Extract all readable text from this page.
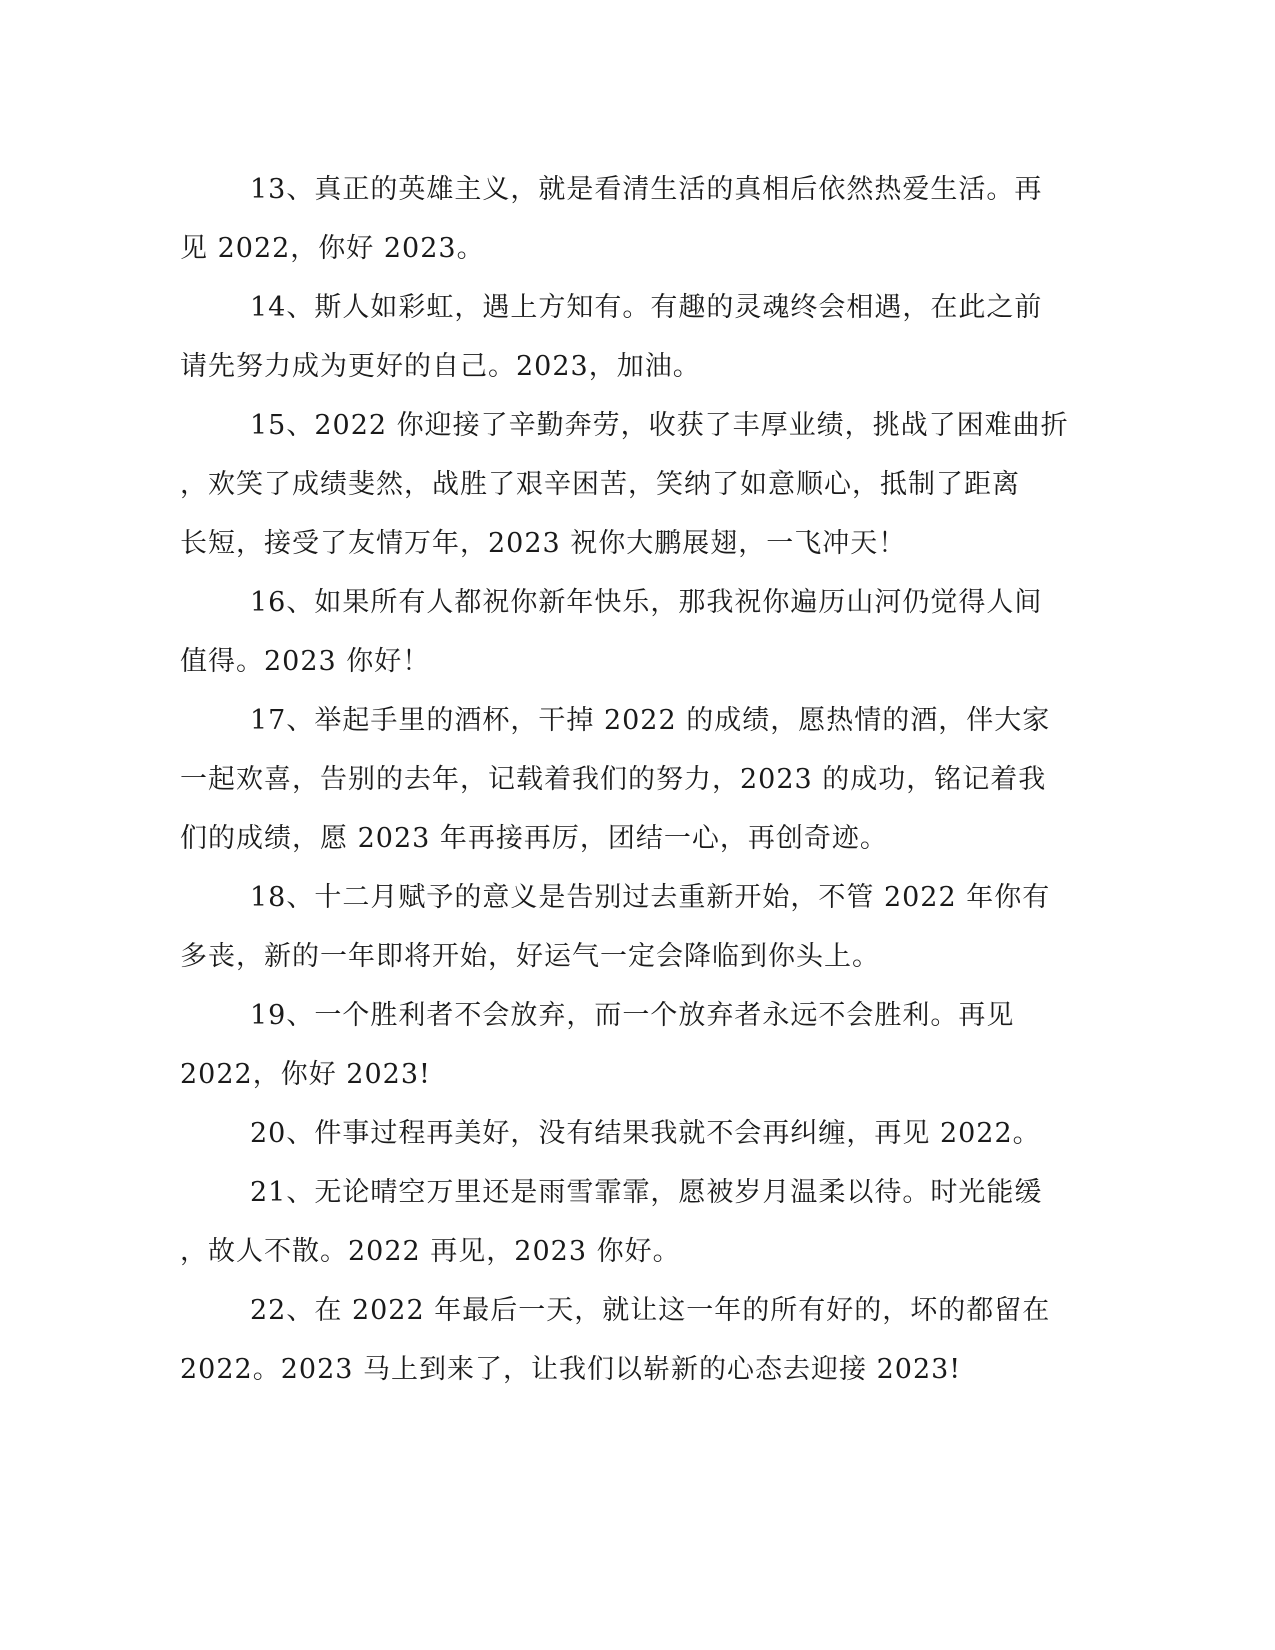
13、真正的英雄主义，就是看清生活的真相后依然热爱生活。再
见 2022，你好 2023。
14、斯人如彩虹，遇上方知有。有趣的灵魂终会相遇，在此之前
请先努力成为更好的自己。2023，加油。
15、2022 你迎接了辛勤奔劳，收获了丰厚业绩，挑战了困难曲折
，欢笑了成绩斐然，战胜了艰辛困苦，笑纳了如意顺心，抵制了距离
长短，接受了友情万年，2023 祝你大鹏展翅，一飞冲天！
16、如果所有人都祝你新年快乐，那我祝你遍历山河仍觉得人间
值得。2023 你好！
17、举起手里的酒杯，干掉 2022 的成绩，愿热情的酒，伴大家
一起欢喜，告别的去年，记载着我们的努力，2023 的成功，铭记着我
们的成绩，愿 2023 年再接再厉，团结一心，再创奇迹。
18、十二月赋予的意义是告别过去重新开始，不管 2022 年你有
多丧，新的一年即将开始，好运气一定会降临到你头上。
19、一个胜利者不会放弃，而一个放弃者永远不会胜利。再见
2022，你好 2023!
20、件事过程再美好，没有结果我就不会再纠缠，再见 2022。
21、无论晴空万里还是雨雪霏霏，愿被岁月温柔以待。时光能缓
，故人不散。2022 再见，2023 你好。
22、在 2022 年最后一天，就让这一年的所有好的，坏的都留在
2022。2023 马上到来了，让我们以崭新的心态去迎接 2023!
